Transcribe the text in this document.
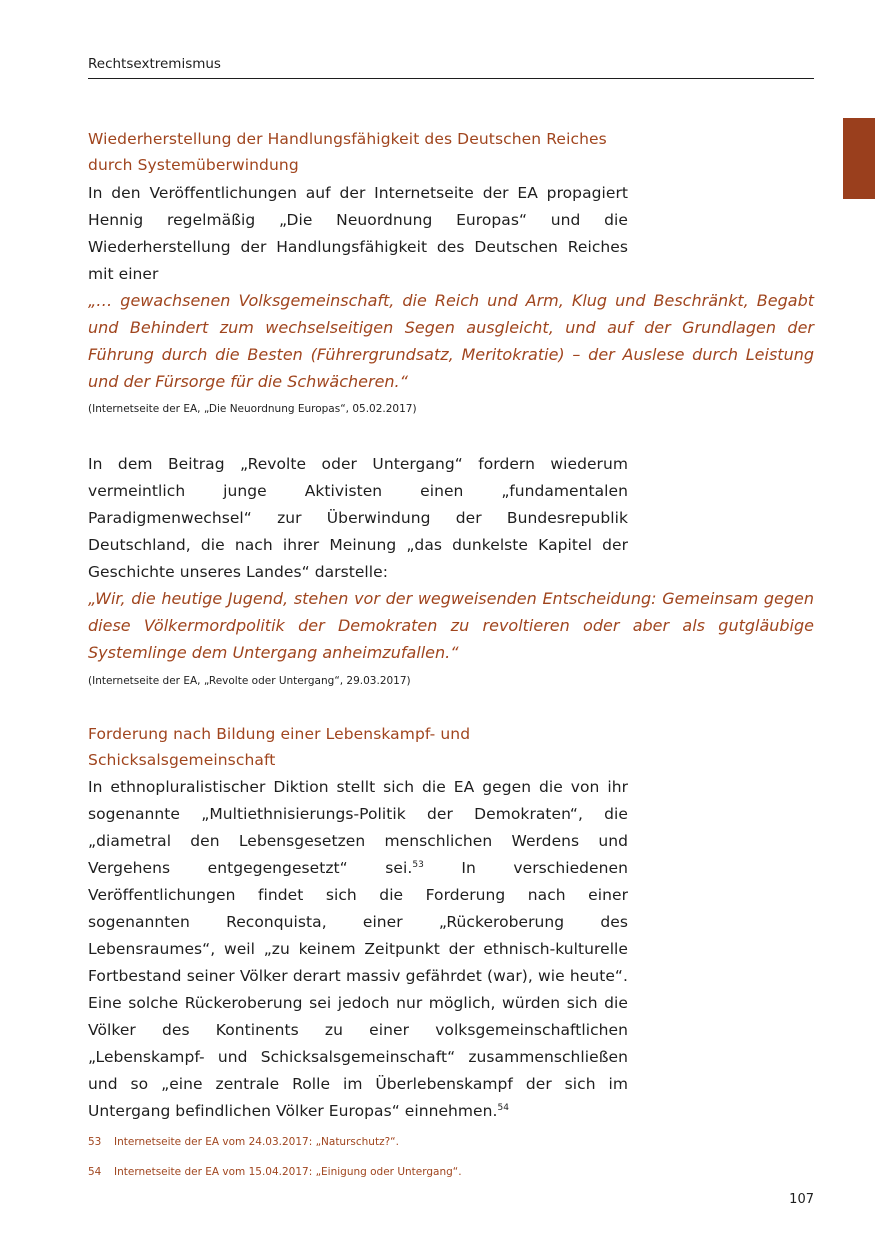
Rechtsextremismus
Wiederherstellung der Handlungsfähigkeit des Deutschen Reiches durch Systemüberwindung
In den Veröffentlichungen auf der Internetseite der EA propagiert Hennig regelmäßig „Die Neuordnung Europas“ und die Wiederherstellung der Handlungsfähigkeit des Deutschen Reiches mit einer
„… gewachsenen Volksgemeinschaft, die Reich und Arm, Klug und Beschränkt, Begabt und Behindert zum wechselseitigen Segen ausgleicht, und auf der Grundlagen der Führung durch die Besten (Führergrundsatz, Meritokratie) – der Auslese durch Leistung und der Fürsorge für die Schwächeren.“
(Internetseite der EA, „Die Neuordnung Europas“, 05.02.2017)
In dem Beitrag „Revolte oder Untergang“ fordern wiederum vermeintlich junge Aktivisten einen „fundamentalen Paradigmenwechsel“ zur Überwindung der Bundesrepublik Deutschland, die nach ihrer Meinung „das dunkelste Kapitel der Geschichte unseres Landes“ darstelle:
„Wir, die heutige Jugend, stehen vor der wegweisenden Entscheidung: Gemeinsam gegen diese Völkermordpolitik der Demokraten zu revoltieren oder aber als gutgläubige Systemlinge dem Untergang anheimzufallen.“
(Internetseite der EA, „Revolte oder Untergang“, 29.03.2017)
Forderung nach Bildung einer Lebenskampf- und Schicksalsgemeinschaft
In ethnopluralistischer Diktion stellt sich die EA gegen die von ihr sogenannte „Multiethnisierungs-Politik der Demokraten“, die „diametral den Lebensgesetzen menschlichen Werdens und Vergehens entgegengesetzt“ sei.$^{53}$ In verschiedenen Veröffentlichungen findet sich die Forderung nach einer sogenannten Reconquista, einer „Rückeroberung des Lebensraumes“, weil „zu keinem Zeitpunkt der ethnisch-kulturelle Fortbestand seiner Völker derart massiv gefährdet (war), wie heute“. Eine solche Rückeroberung sei jedoch nur möglich, würden sich die Völker des Kontinents zu einer volksgemeinschaftlichen „Lebenskampf- und Schicksalsgemeinschaft“ zusammenschließen und so „eine zentrale Rolle im Überlebenskampf der sich im Untergang befindlichen Völker Europas“ einnehmen.$^{54}$
53 Internetseite der EA vom 24.03.2017: „Naturschutz?“.
54 Internetseite der EA vom 15.04.2017: „Einigung oder Untergang“.
107
